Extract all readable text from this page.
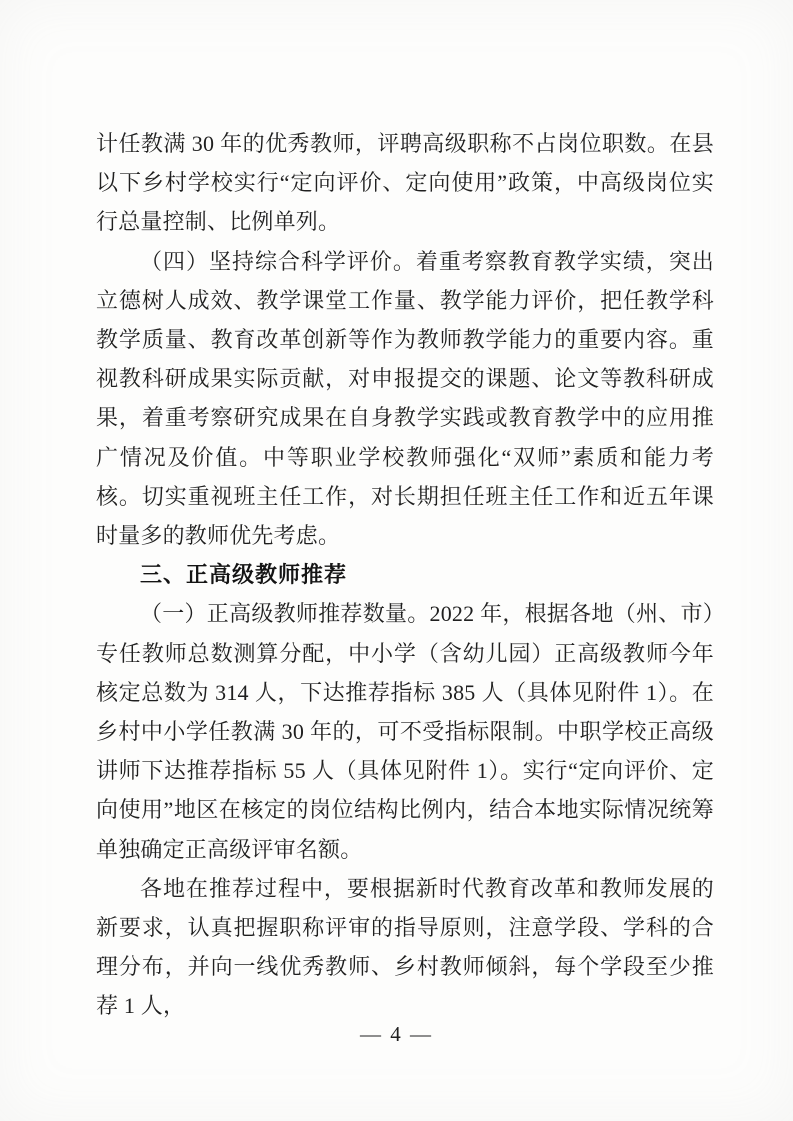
计任教满 30 年的优秀教师，评聘高级职称不占岗位职数。在县以下乡村学校实行“定向评价、定向使用”政策，中高级岗位实行总量控制、比例单列。

（四）坚持综合科学评价。着重考察教育教学实绩，突出立德树人成效、教学课堂工作量、教学能力评价，把任教学科教学质量、教育改革创新等作为教师教学能力的重要内容。重视教科研成果实际贡献，对申报提交的课题、论文等教科研成果，着重考察研究成果在自身教学实践或教育教学中的应用推广情况及价值。中等职业学校教师强化“双师”素质和能力考核。切实重视班主任工作，对长期担任班主任工作和近五年课时量多的教师优先考虑。

三、正高级教师推荐

（一）正高级教师推荐数量。2022 年，根据各地（州、市）专任教师总数测算分配，中小学（含幼儿园）正高级教师今年核定总数为 314 人，下达推荐指标 385 人（具体见附件 1）。在乡村中小学任教满 30 年的，可不受指标限制。中职学校正高级讲师下达推荐指标 55 人（具体见附件 1）。实行“定向评价、定向使用”地区在核定的岗位结构比例内，结合本地实际情况统筹单独确定正高级评审名额。

各地在推荐过程中，要根据新时代教育改革和教师发展的新要求，认真把握职称评审的指导原则，注意学段、学科的合理分布，并向一线优秀教师、乡村教师倾斜，每个学段至少推荐 1 人，

— 4 —
